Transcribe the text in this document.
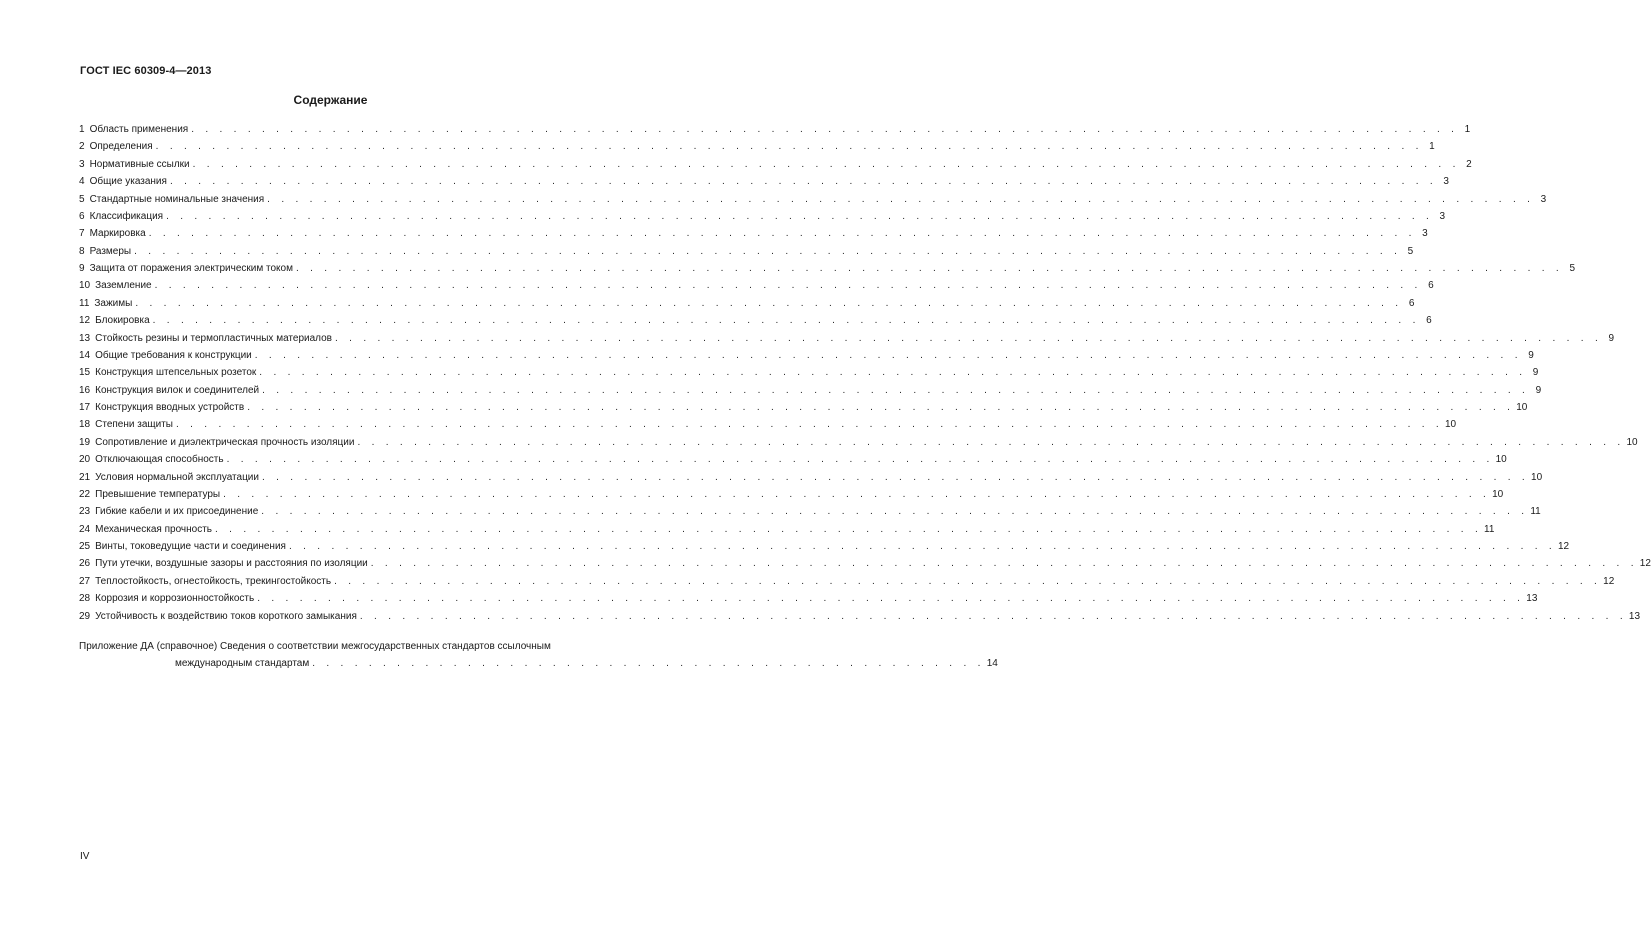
ГОСТ IEC 60309-4—2013
Содержание
1 Область применения . . . . . . . . . . . . . . . . . . . . . . . . . . . . . . . . . . . . . . . . . . . . . . . . . . . . . . . . . . . . . . . . . . . . . . . . . . . . . . . . . . . . . . . . . . 1
2 Определения . . . . . . . . . . . . . . . . . . . . . . . . . . . . . . . . . . . . . . . . . . . . . . . . . . . . . . . . . . . . . . . . . . . . . . . . . . . . . . . . . . . . . . . . . . 1
3 Нормативные ссылки . . . . . . . . . . . . . . . . . . . . . . . . . . . . . . . . . . . . . . . . . . . . . . . . . . . . . . . . . . . . . . . . . . . . . . . . . . . . . . . . . . . . . . . . . . 2
4 Общие указания . . . . . . . . . . . . . . . . . . . . . . . . . . . . . . . . . . . . . . . . . . . . . . . . . . . . . . . . . . . . . . . . . . . . . . . . . . . . . . . . . . . . . . . . . . 3
5 Стандартные номинальные значения . . . . . . . . . . . . . . . . . . . . . . . . . . . . . . . . . . . . . . . . . . . . . . . . . . . . . . . . . . . . . . . . . . . . . . . . . . . . . . . . . . . . . . . . . . 3
6 Классификация . . . . . . . . . . . . . . . . . . . . . . . . . . . . . . . . . . . . . . . . . . . . . . . . . . . . . . . . . . . . . . . . . . . . . . . . . . . . . . . . . . . . . . . . . . 3
7 Маркировка . . . . . . . . . . . . . . . . . . . . . . . . . . . . . . . . . . . . . . . . . . . . . . . . . . . . . . . . . . . . . . . . . . . . . . . . . . . . . . . . . . . . . . . . . . 3
8 Размеры . . . . . . . . . . . . . . . . . . . . . . . . . . . . . . . . . . . . . . . . . . . . . . . . . . . . . . . . . . . . . . . . . . . . . . . . . . . . . . . . . . . . . . . . . . 5
9 Защита от поражения электрическим током . . . . . . . . . . . . . . . . . . . . . . . . . . . . . . . . . . . . . . . . . . . . . . . . . . . . . . . . . . . . . . . . . . . . . . . . . . . . . . . . . . . . . . . . . . 5
10 Заземление . . . . . . . . . . . . . . . . . . . . . . . . . . . . . . . . . . . . . . . . . . . . . . . . . . . . . . . . . . . . . . . . . . . . . . . . . . . . . . . . . . . . . . . . . . 6
11 Зажимы . . . . . . . . . . . . . . . . . . . . . . . . . . . . . . . . . . . . . . . . . . . . . . . . . . . . . . . . . . . . . . . . . . . . . . . . . . . . . . . . . . . . . . . . . . 6
12 Блокировка . . . . . . . . . . . . . . . . . . . . . . . . . . . . . . . . . . . . . . . . . . . . . . . . . . . . . . . . . . . . . . . . . . . . . . . . . . . . . . . . . . . . . . . . . . 6
13 Стойкость резины и термопластичных материалов . . . . . . . . . . . . . . . . . . . . . . . . . . . . . . . . . . . . . . . . . . . . . . . . . . . . . . . . . . . . . . . . . . . . . . . . . . . . . . . . . . . . . . . . . . 9
14 Общие требования к конструкции . . . . . . . . . . . . . . . . . . . . . . . . . . . . . . . . . . . . . . . . . . . . . . . . . . . . . . . . . . . . . . . . . . . . . . . . . . . . . . . . . . . . . . . . . . 9
15 Конструкция штепсельных розеток . . . . . . . . . . . . . . . . . . . . . . . . . . . . . . . . . . . . . . . . . . . . . . . . . . . . . . . . . . . . . . . . . . . . . . . . . . . . . . . . . . . . . . . . . . 9
16 Конструкция вилок и соединителей . . . . . . . . . . . . . . . . . . . . . . . . . . . . . . . . . . . . . . . . . . . . . . . . . . . . . . . . . . . . . . . . . . . . . . . . . . . . . . . . . . . . . . . . . . 9
17 Конструкция вводных устройств . . . . . . . . . . . . . . . . . . . . . . . . . . . . . . . . . . . . . . . . . . . . . . . . . . . . . . . . . . . . . . . . . . . . . . . . . . . . . . . . . . . . . . . . . . 10
18 Степени защиты . . . . . . . . . . . . . . . . . . . . . . . . . . . . . . . . . . . . . . . . . . . . . . . . . . . . . . . . . . . . . . . . . . . . . . . . . . . . . . . . . . . . . . . . . . 10
19 Сопротивление и диэлектрическая прочность изоляции . . . . . . . . . . . . . . . . . . . . . . . . . . . . . . . . . . . . . . . . . . . . . . . . . . . . . . . . . . . . . . . . . . . . . . . . . . . . . . . . . . . . . . . . . . 10
20 Отключающая способность . . . . . . . . . . . . . . . . . . . . . . . . . . . . . . . . . . . . . . . . . . . . . . . . . . . . . . . . . . . . . . . . . . . . . . . . . . . . . . . . . . . . . . . . . . 10
21 Условия нормальной эксплуатации . . . . . . . . . . . . . . . . . . . . . . . . . . . . . . . . . . . . . . . . . . . . . . . . . . . . . . . . . . . . . . . . . . . . . . . . . . . . . . . . . . . . . . . . . . 10
22 Превышение температуры . . . . . . . . . . . . . . . . . . . . . . . . . . . . . . . . . . . . . . . . . . . . . . . . . . . . . . . . . . . . . . . . . . . . . . . . . . . . . . . . . . . . . . . . . . 10
23 Гибкие кабели и их присоединение . . . . . . . . . . . . . . . . . . . . . . . . . . . . . . . . . . . . . . . . . . . . . . . . . . . . . . . . . . . . . . . . . . . . . . . . . . . . . . . . . . . . . . . . . . 11
24 Механическая прочность . . . . . . . . . . . . . . . . . . . . . . . . . . . . . . . . . . . . . . . . . . . . . . . . . . . . . . . . . . . . . . . . . . . . . . . . . . . . . . . . . . . . . . . . . . 11
25 Винты, токоведущие части и соединения . . . . . . . . . . . . . . . . . . . . . . . . . . . . . . . . . . . . . . . . . . . . . . . . . . . . . . . . . . . . . . . . . . . . . . . . . . . . . . . . . . . . . . . . . . 12
26 Пути утечки, воздушные зазоры и расстояния по изоляции . . . . . . . . . . . . . . . . . . . . . . . . . . . . . . . . . . . . . . . . . . . . . . . . . . . . . . . . . . . . . . . . . . . . . . . . . . . . . . . . . . . . . . . . . . 12
27 Теплостойкость, огнестойкость, трекингостойкость . . . . . . . . . . . . . . . . . . . . . . . . . . . . . . . . . . . . . . . . . . . . . . . . . . . . . . . . . . . . . . . . . . . . . . . . . . . . . . . . . . . . . . . . . . 12
28 Коррозия и коррозионностойкость . . . . . . . . . . . . . . . . . . . . . . . . . . . . . . . . . . . . . . . . . . . . . . . . . . . . . . . . . . . . . . . . . . . . . . . . . . . . . . . . . . . . . . . . . . 13
29 Устойчивость к воздействию токов короткого замыкания . . . . . . . . . . . . . . . . . . . . . . . . . . . . . . . . . . . . . . . . . . . . . . . . . . . . . . . . . . . . . . . . . . . . . . . . . . . . . . . . . . . . . . . . . . 13
Приложение ДА (справочное) Сведения о соответствии межгосударственных стандартов ссылочным
международным стандартам . . . . . . . . . . . . . . . . . . . . . . . . . . . . . . . . . . . . . . . . . . . . . . . . 14
IV
